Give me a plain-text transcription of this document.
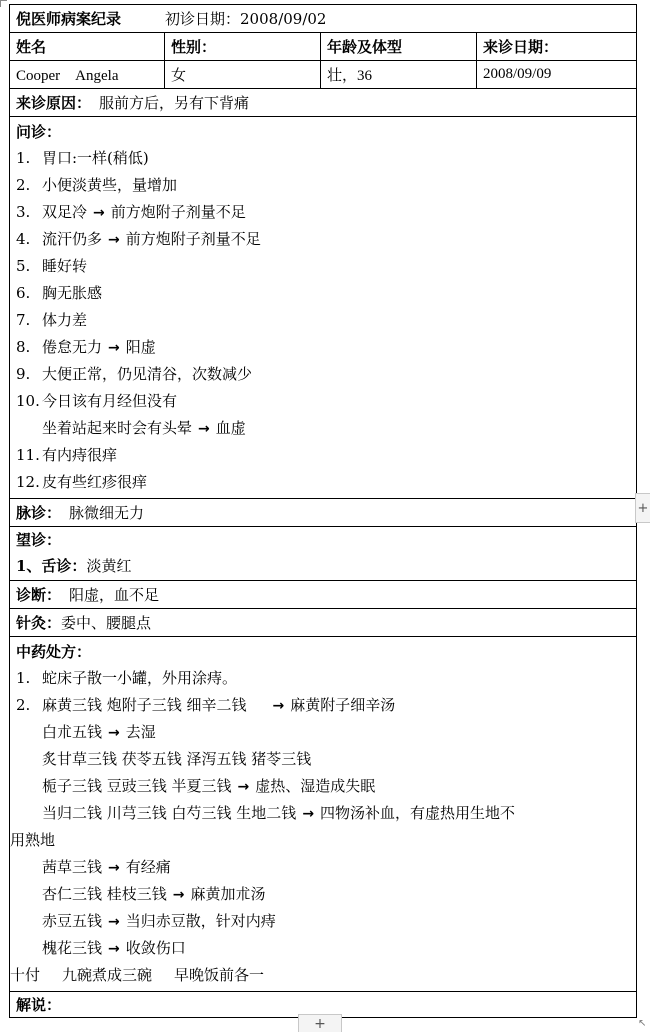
倪医师病案纪录	初诊日期：2008/09/02
姓名	性别：	年龄及体型	来诊日期：
Cooper　Angela	女	壮，36	2008/09/09
来诊原因： 服前方后，另有下背痛
问诊：
1. 胃口:一样(稍低)
2. 小便淡黄些，量增加
3. 双足冷 → 前方炮附子剂量不足
4. 流汗仍多 → 前方炮附子剂量不足
5. 睡好转
6. 胸无胀感
7. 体力差
8. 倦怠无力 → 阳虚
9. 大便正常，仍见清谷，次数减少
10. 今日该有月经但没有
坐着站起来时会有头晕 → 血虚
11. 有内痔很痒
12. 皮有些红疹很痒
脉诊： 脉微细无力
望诊：
1、舌诊：淡黄红
诊断： 阳虚，血不足
针灸： 委中、腰腿点
中药处方：
1. 蛇床子散一小罐，外用涂痔。
2. 麻黄三钱 炮附子三钱 细辛二钱 → 麻黄附子细辛汤
白朮五钱 → 去湿
炙甘草三钱 茯苓五钱 泽泻五钱 猪苓三钱
栀子三钱 豆豉三钱 半夏三钱 → 虚热、湿造成失眠
当归二钱 川芎三钱 白芍三钱 生地二钱 → 四物汤补血，有虚热用生地不
用熟地
茜草三钱 → 有经痛
杏仁三钱 桂枝三钱 → 麻黄加朮汤
赤豆五钱 → 当归赤豆散，针对内痔
槐花三钱 → 收敛伤口
十付 九碗煮成三碗 早晚饭前各一
解说：
+
+	↖
